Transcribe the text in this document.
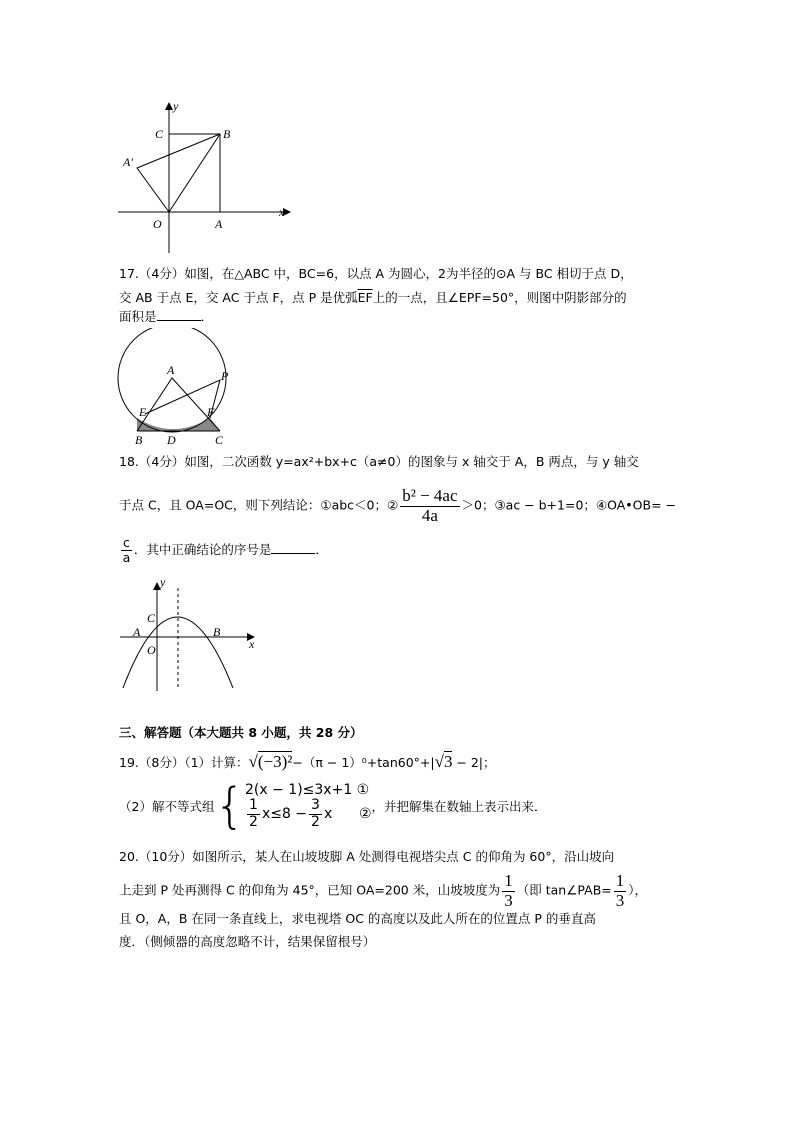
y
x
C	B
A′
O	A
17.（4分）如图，在△ABC 中，BC=6，以点 A 为圆心，2为半径的⊙A 与 BC 相切于点 D，
交 AB 于点 E，交 AC 于点 F，点 P 是优弧$\overline{EF}$上的一点，且∠EPF=50°，则图中阴影部分的
面积是	．
A	P
E	F
B D	C
18.（4分）如图，二次函数 y=ax²+bx+c（a≠0）的图象与 x 轴交于 A，B 两点，与 y 轴交
于点 C，且 OA=OC，则下列结论：①abc＜0；② $\frac{\text{b² − 4ac}}{4a} >0$；③ac − b+1=0；④OA•OB= −
$\frac{c}{a}$ ．其中正确结论的序号是	．
y
x
C
A	B
O
三、解答题（本大题共 8 小题，共 28 分）
19.（8分）（1）计算：√(−3)²−（π − 1）⁰+tan60°+|√3 − 2|；
（2）解不等式组 { 2(x − 1)≤3x+1 ①
$\frac{1}{2} x\le 8 - \frac{3}{2}$ x      ② ，并把解集在数轴上表示出来．
20.（10分）如图所示，某人在山坡坡脚 A 处测得电视塔尖点 C 的仰角为 60°，沿山坡向
上走到 P 处再测得 C 的仰角为 45°，已知 OA=200 米，山坡坡度为 $\frac{1}{3}$ （即 tan∠PAB= $\frac{1}{3}$ ），
且 O，A，B 在同一条直线上，求电视塔 OC 的高度以及此人所在的位置点 P 的垂直高
度．（侧倾器的高度忽略不计，结果保留根号）
